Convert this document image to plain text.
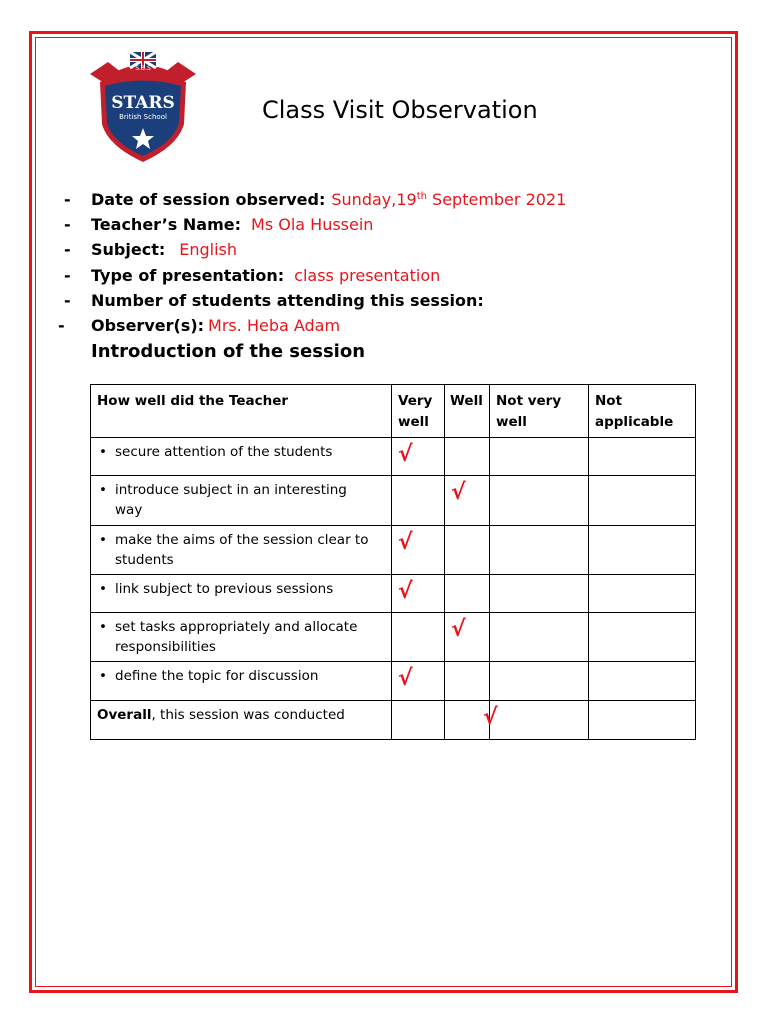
S.B.S
STARS
British School	Class Visit Observation
- Date of session observed: Sunday,19th September 2021
- Teacher’s Name: Ms Ola Hussein
- Subject: English
- Type of presentation: class presentation
- Number of students attending this session:
- Observer(s): Mrs. Heba Adam
Introduction of the session
How well did the Teacher	Very well	Well	Not very well	Not applicable
• secure attention of the students	√			
• introduce subject in an interesting way		√		
• make the aims of the session clear to students	√			
• link subject to previous sessions	√			
• set tasks appropriately and allocate responsibilities		√		
• define the topic for discussion	√			
Overall, this session was conducted		√		
